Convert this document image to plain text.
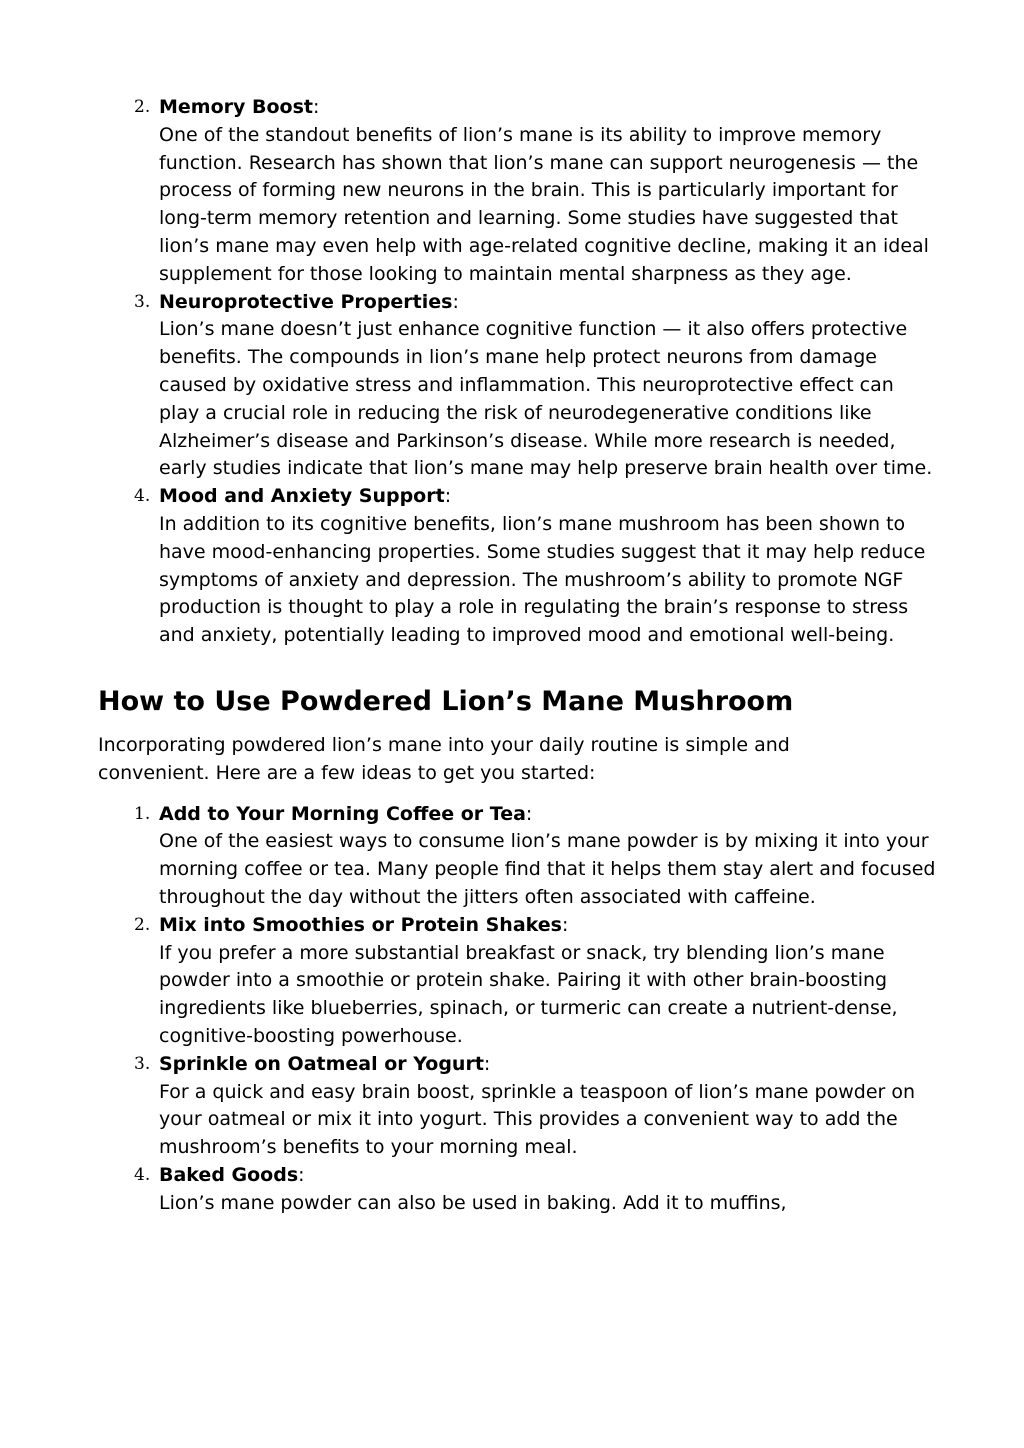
2. Memory Boost:
One of the standout benefits of lion’s mane is its ability to improve memory function. Research has shown that lion’s mane can support neurogenesis — the process of forming new neurons in the brain. This is particularly important for long-term memory retention and learning. Some studies have suggested that lion’s mane may even help with age-related cognitive decline, making it an ideal supplement for those looking to maintain mental sharpness as they age.
3. Neuroprotective Properties:
Lion’s mane doesn’t just enhance cognitive function — it also offers protective benefits. The compounds in lion’s mane help protect neurons from damage caused by oxidative stress and inflammation. This neuroprotective effect can play a crucial role in reducing the risk of neurodegenerative conditions like Alzheimer’s disease and Parkinson’s disease. While more research is needed, early studies indicate that lion’s mane may help preserve brain health over time.
4. Mood and Anxiety Support:
In addition to its cognitive benefits, lion’s mane mushroom has been shown to have mood-enhancing properties. Some studies suggest that it may help reduce symptoms of anxiety and depression. The mushroom’s ability to promote NGF production is thought to play a role in regulating the brain’s response to stress and anxiety, potentially leading to improved mood and emotional well-being.
How to Use Powdered Lion’s Mane Mushroom

Incorporating powdered lion’s mane into your daily routine is simple and convenient. Here are a few ideas to get you started:

1. Add to Your Morning Coffee or Tea:
One of the easiest ways to consume lion’s mane powder is by mixing it into your morning coffee or tea. Many people find that it helps them stay alert and focused throughout the day without the jitters often associated with caffeine.
2. Mix into Smoothies or Protein Shakes:
If you prefer a more substantial breakfast or snack, try blending lion’s mane powder into a smoothie or protein shake. Pairing it with other brain-boosting ingredients like blueberries, spinach, or turmeric can create a nutrient-dense, cognitive-boosting powerhouse.
3. Sprinkle on Oatmeal or Yogurt:
For a quick and easy brain boost, sprinkle a teaspoon of lion’s mane powder on your oatmeal or mix it into yogurt. This provides a convenient way to add the mushroom’s benefits to your morning meal.
4. Baked Goods:
Lion’s mane powder can also be used in baking. Add it to muffins,
